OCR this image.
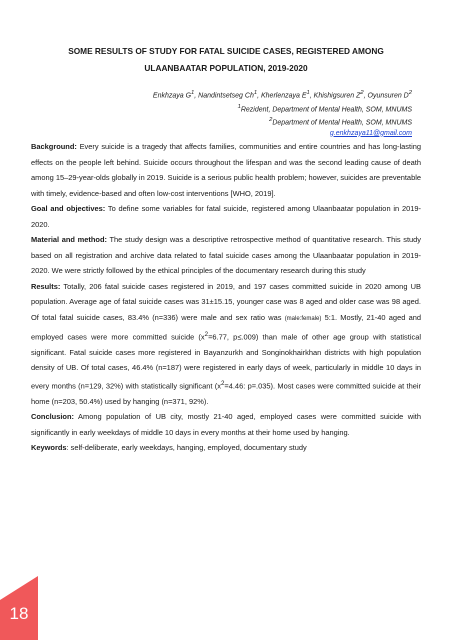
SOME RESULTS OF STUDY FOR FATAL SUICIDE CASES, REGISTERED AMONG
ULAANBAATAR POPULATION, 2019-2020
Enkhzaya $G^1$, Nandintsetseg Ch$^1$, Kherlenzaya $E^1$, Khishigsuren $Z^2$, Oyunsuren $D^2$
$^1$Rezident, Department of Mental Health, SOM, MNUMS
$^2$Department of Mental Health, SOM, MNUMS
g.enkhzaya11@gmail.com

Background: Every suicide is a tragedy that affects families, communities and entire countries and has long-lasting effects on the people left behind. Suicide occurs throughout the lifespan and was the second leading cause of death among 15–29-year-olds globally in 2019. Suicide is a serious public health problem; however, suicides are preventable with timely, evidence-based and often low-cost interventions [WHO, 2019].

Goal and objectives: To define some variables for fatal suicide, registered among Ulaanbaatar population in 2019-2020.

Material and method: The study design was a descriptive retrospective method of quantitative research. This study based on all registration and archive data related to fatal suicide cases among the Ulaanbaatar population in 2019-2020. We were strictly followed by the ethical principles of the documentary research during this study

Results: Totally, 206 fatal suicide cases registered in 2019, and 197 cases committed suicide in 2020 among UB population. Average age of fatal suicide cases was 31±15.15, younger case was 8 aged and older case was 98 aged. Of total fatal suicide cases, 83.4% (n=336) were male and sex ratio was (male:female) 5:1. Mostly, 21-40 aged and employed cases were more committed suicide ($x^2=6.77$, p≤.009) than male of other age group with statistical significant. Fatal suicide cases more registered in Bayanzurkh and Songinokhairkhan districts with high population density of UB. Of total cases, 46.4% (n=187) were registered in early days of week, particularly in middle 10 days in every months (n=129, 32%) with statistically significant ($x^2=4.46$: p=.035). Most cases were committed suicide at their home (n=203, 50.4%) used by hanging (n=371, 92%).

Conclusion: Among population of UB city, mostly 21-40 aged, employed cases were committed suicide with significantly in early weekdays of middle 10 days in every months at their home used by hanging.

Keywords: self-deliberate, early weekdays, hanging, employed, documentary study

18
